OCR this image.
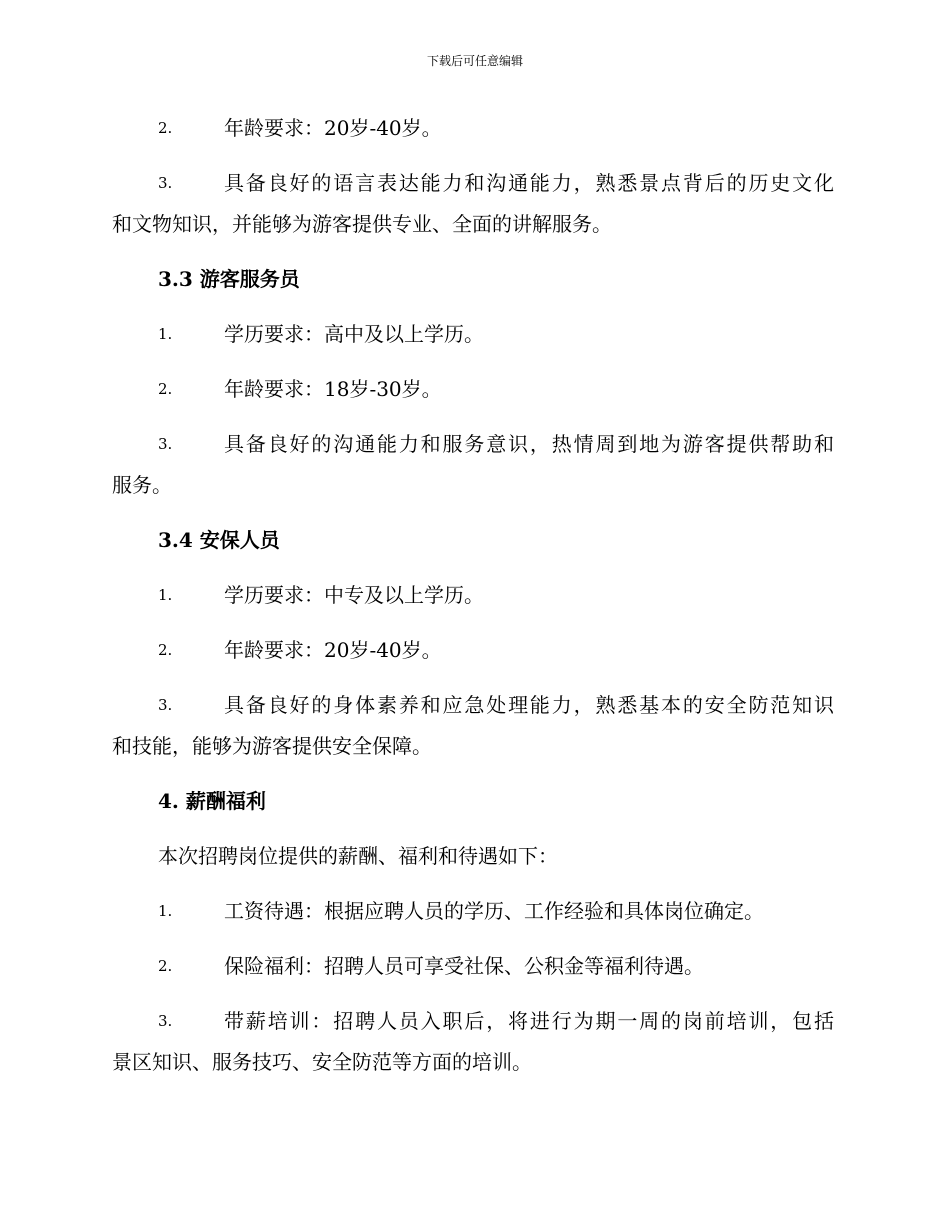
下载后可任意编辑
2.	年龄要求：20岁-40岁。
3.	具备良好的语言表达能力和沟通能力，熟悉景点背后的历史文化
和文物知识，并能够为游客提供专业、全面的讲解服务。
3.3 游客服务员
1.	学历要求：高中及以上学历。
2.	年龄要求：18岁-30岁。
3.	具备良好的沟通能力和服务意识，热情周到地为游客提供帮助和
服务。
3.4 安保人员
1.	学历要求：中专及以上学历。
2.	年龄要求：20岁-40岁。
3.	具备良好的身体素养和应急处理能力，熟悉基本的安全防范知识
和技能，能够为游客提供安全保障。
4. 薪酬福利
本次招聘岗位提供的薪酬、福利和待遇如下：
1.	工资待遇：根据应聘人员的学历、工作经验和具体岗位确定。
2.	保险福利：招聘人员可享受社保、公积金等福利待遇。
3.	带薪培训：招聘人员入职后，将进行为期一周的岗前培训，包括
景区知识、服务技巧、安全防范等方面的培训。
